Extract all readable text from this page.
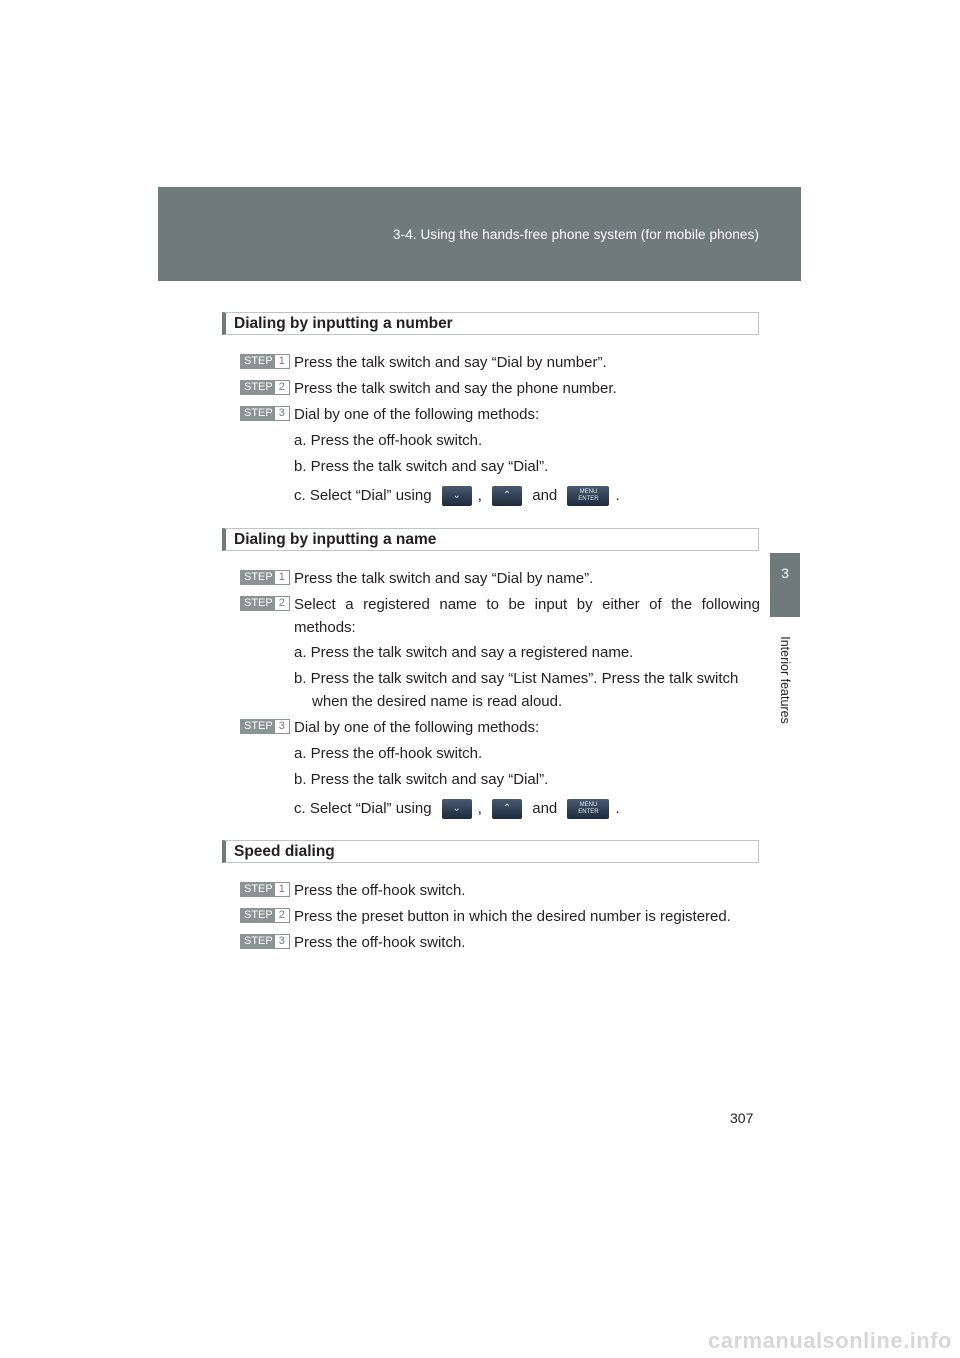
3-4. Using the hands-free phone system (for mobile phones)
3
Interior features
Dialing by inputting a number
STEP 1 Press the talk switch and say “Dial by number”.
STEP 2 Press the talk switch and say the phone number.
STEP 3 Dial by one of the following methods:
a. Press the off-hook switch.
b. Press the talk switch and say “Dial”.
c. Select “Dial” using ⌄ , ⌃ and	MENU
ENTER .
Dialing by inputting a name
STEP 1 Press the talk switch and say “Dial by name”.
STEP 2 Select a registered name to be input by either of the following methods:
a. Press the talk switch and say a registered name.
b. Press the talk switch and say “List Names”. Press the talk switch when the desired name is read aloud.
STEP 3 Dial by one of the following methods:
a. Press the off-hook switch.
b. Press the talk switch and say “Dial”.
c. Select “Dial” using ⌄ , ⌃ and	MENU
ENTER .
Speed dialing
STEP 1 Press the off-hook switch.
STEP 2 Press the preset button in which the desired number is registered.
STEP 3 Press the off-hook switch.
307
carmanualsonline.info
